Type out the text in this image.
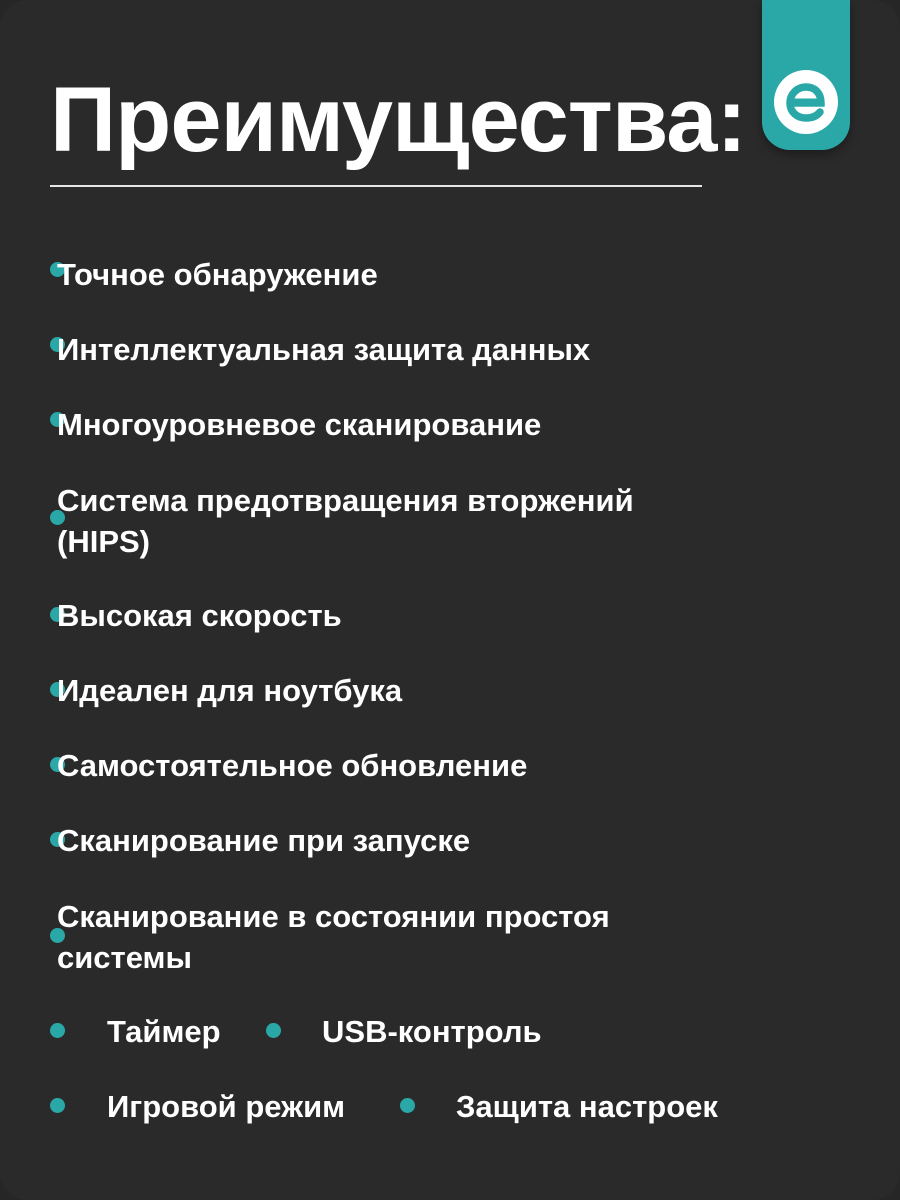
Преимущества:
Точное обнаружение
Интеллектуальная защита данных
Многоуровневое сканирование
Система предотвращения вторжений
(HIPS)
Высокая скорость
Идеален для ноутбука
Самостоятельное обновление
Сканирование при запуске
Сканирование в состоянии простоя
системы
Таймер	USB-контроль
Игровой режим	Защита настроек
